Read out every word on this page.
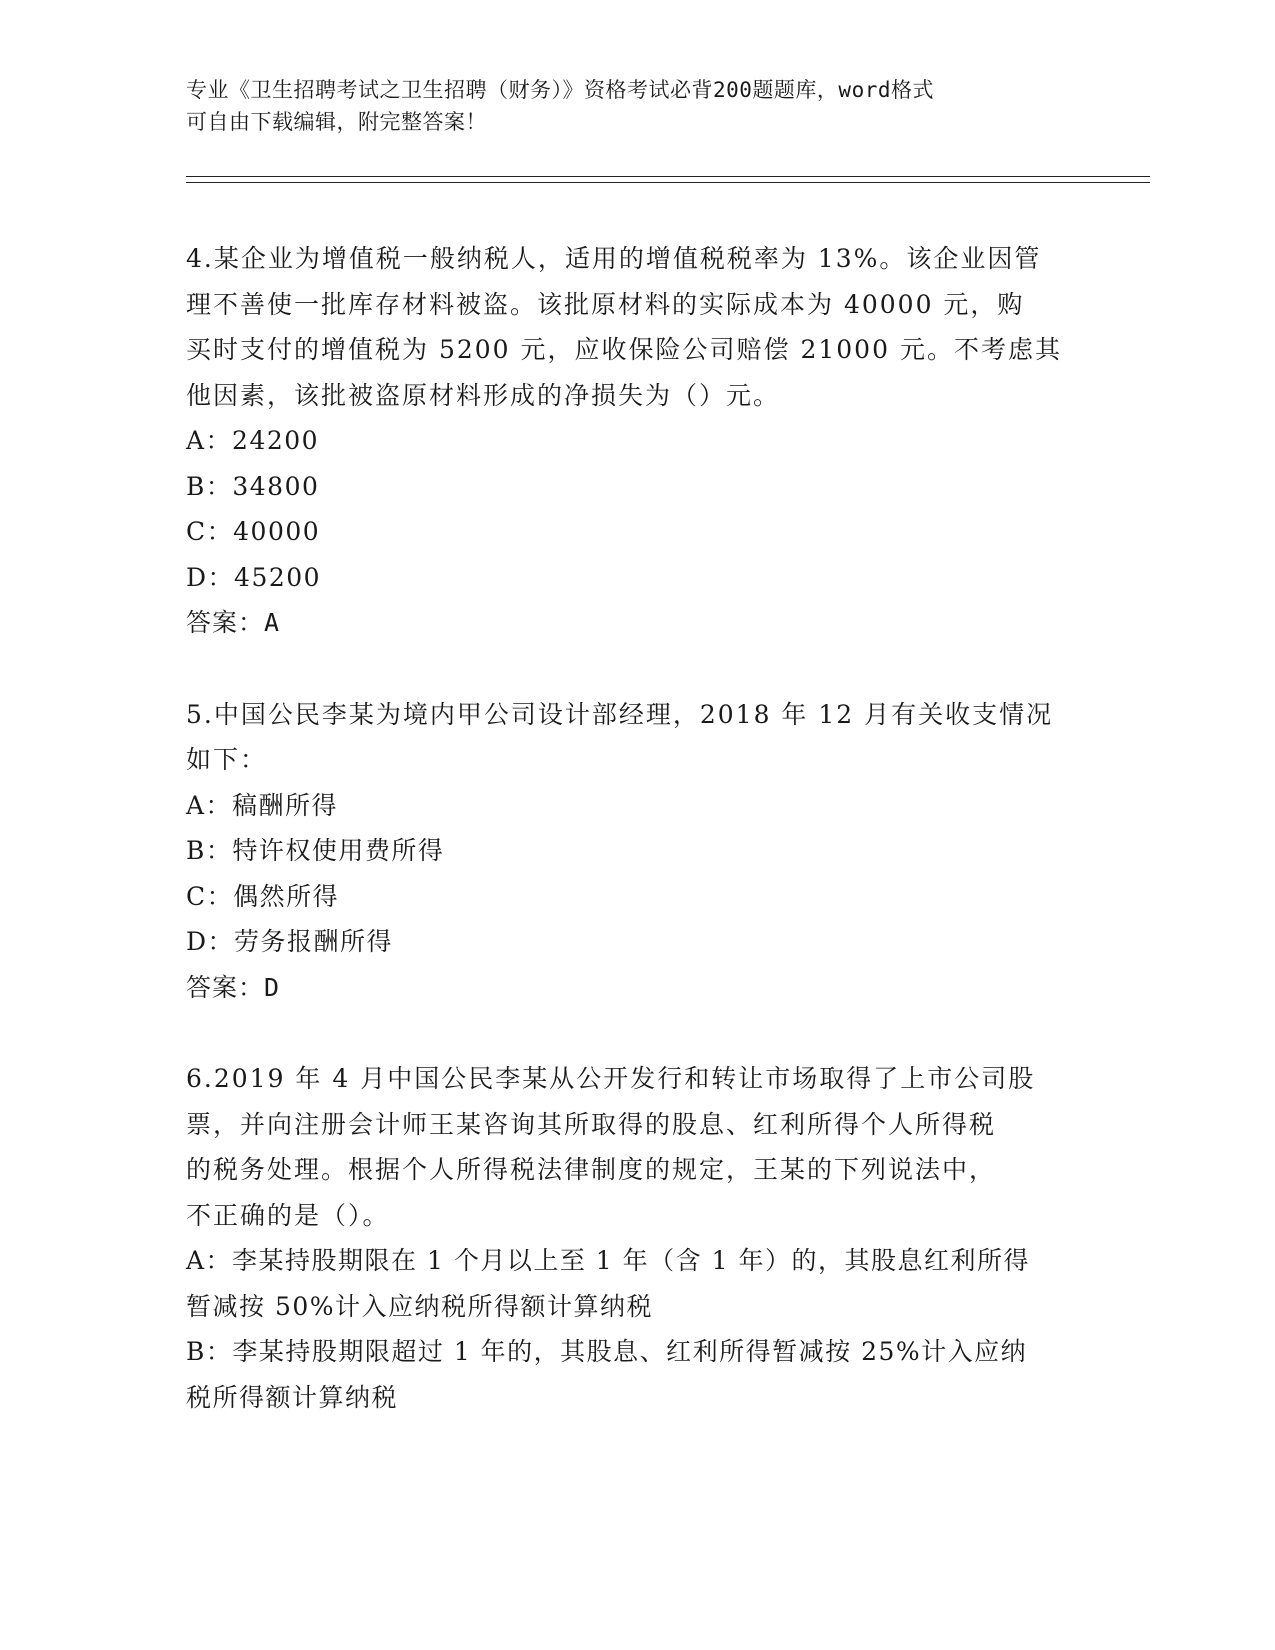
专业《卫生招聘考试之卫生招聘（财务）》资格考试必背200题题库，word格式
可自由下载编辑，附完整答案！
4.某企业为增值税一般纳税人，适用的增值税税率为 13%。该企业因管
理不善使一批库存材料被盗。该批原材料的实际成本为 40000 元，购
买时支付的增值税为 5200 元，应收保险公司赔偿 21000 元。不考虑其
他因素，该批被盗原材料形成的净损失为（）元。
A：24200
B：34800
C：40000
D：45200
答案：A
5.中国公民李某为境内甲公司设计部经理，2018 年 12 月有关收支情况
如下：
A：稿酬所得
B：特许权使用费所得
C：偶然所得
D：劳务报酬所得
答案：D
6.2019 年 4 月中国公民李某从公开发行和转让市场取得了上市公司股
票，并向注册会计师王某咨询其所取得的股息、红利所得个人所得税
的税务处理。根据个人所得税法律制度的规定，王某的下列说法中，
不正确的是（）。
A：李某持股期限在 1 个月以上至 1 年（含 1 年）的，其股息红利所得
暂减按 50%计入应纳税所得额计算纳税
B：李某持股期限超过 1 年的，其股息、红利所得暂减按 25%计入应纳
税所得额计算纳税
